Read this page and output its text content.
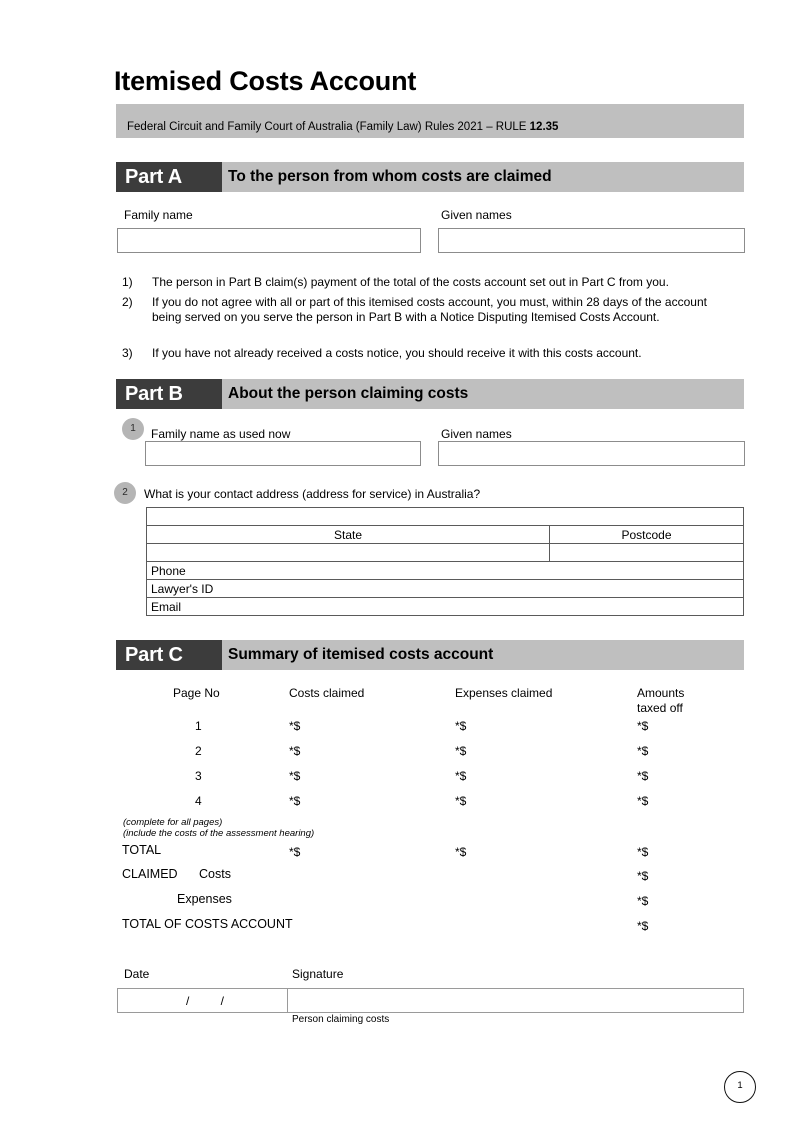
Itemised Costs Account
Federal Circuit and Family Court of Australia (Family Law) Rules 2021 – RULE 12.35
Part A	To the person from whom costs are claimed
Family name	Given names
1)	The person in Part B claim(s) payment of the total of the costs account set out in Part C from you.
2)	If you do not agree with all or part of this itemised costs account, you must, within 28 days of the account being served on you serve the person in Part B with a Notice Disputing Itemised Costs Account.
3)	If you have not already received a costs notice, you should receive it with this costs account.
Part B	About the person claiming costs
1	Family name as used now	Given names
2	What is your contact address (address for service) in Australia?

State	Postcode

Phone	
Lawyer's ID	
Email	
Part C	Summary of itemised costs account
Page No	Costs claimed	Expenses claimed	Amounts
taxed off
1	*$	*$	*$
2	*$	*$	*$
3	*$	*$	*$
4	*$	*$	*$
(complete for all pages)
(include the costs of the assessment hearing)
TOTAL	*$	*$	*$
CLAIMED Costs	*$
Expenses	*$
TOTAL OF COSTS ACCOUNT	*$
Date	Signature
/ /	
Person claiming costs
1
